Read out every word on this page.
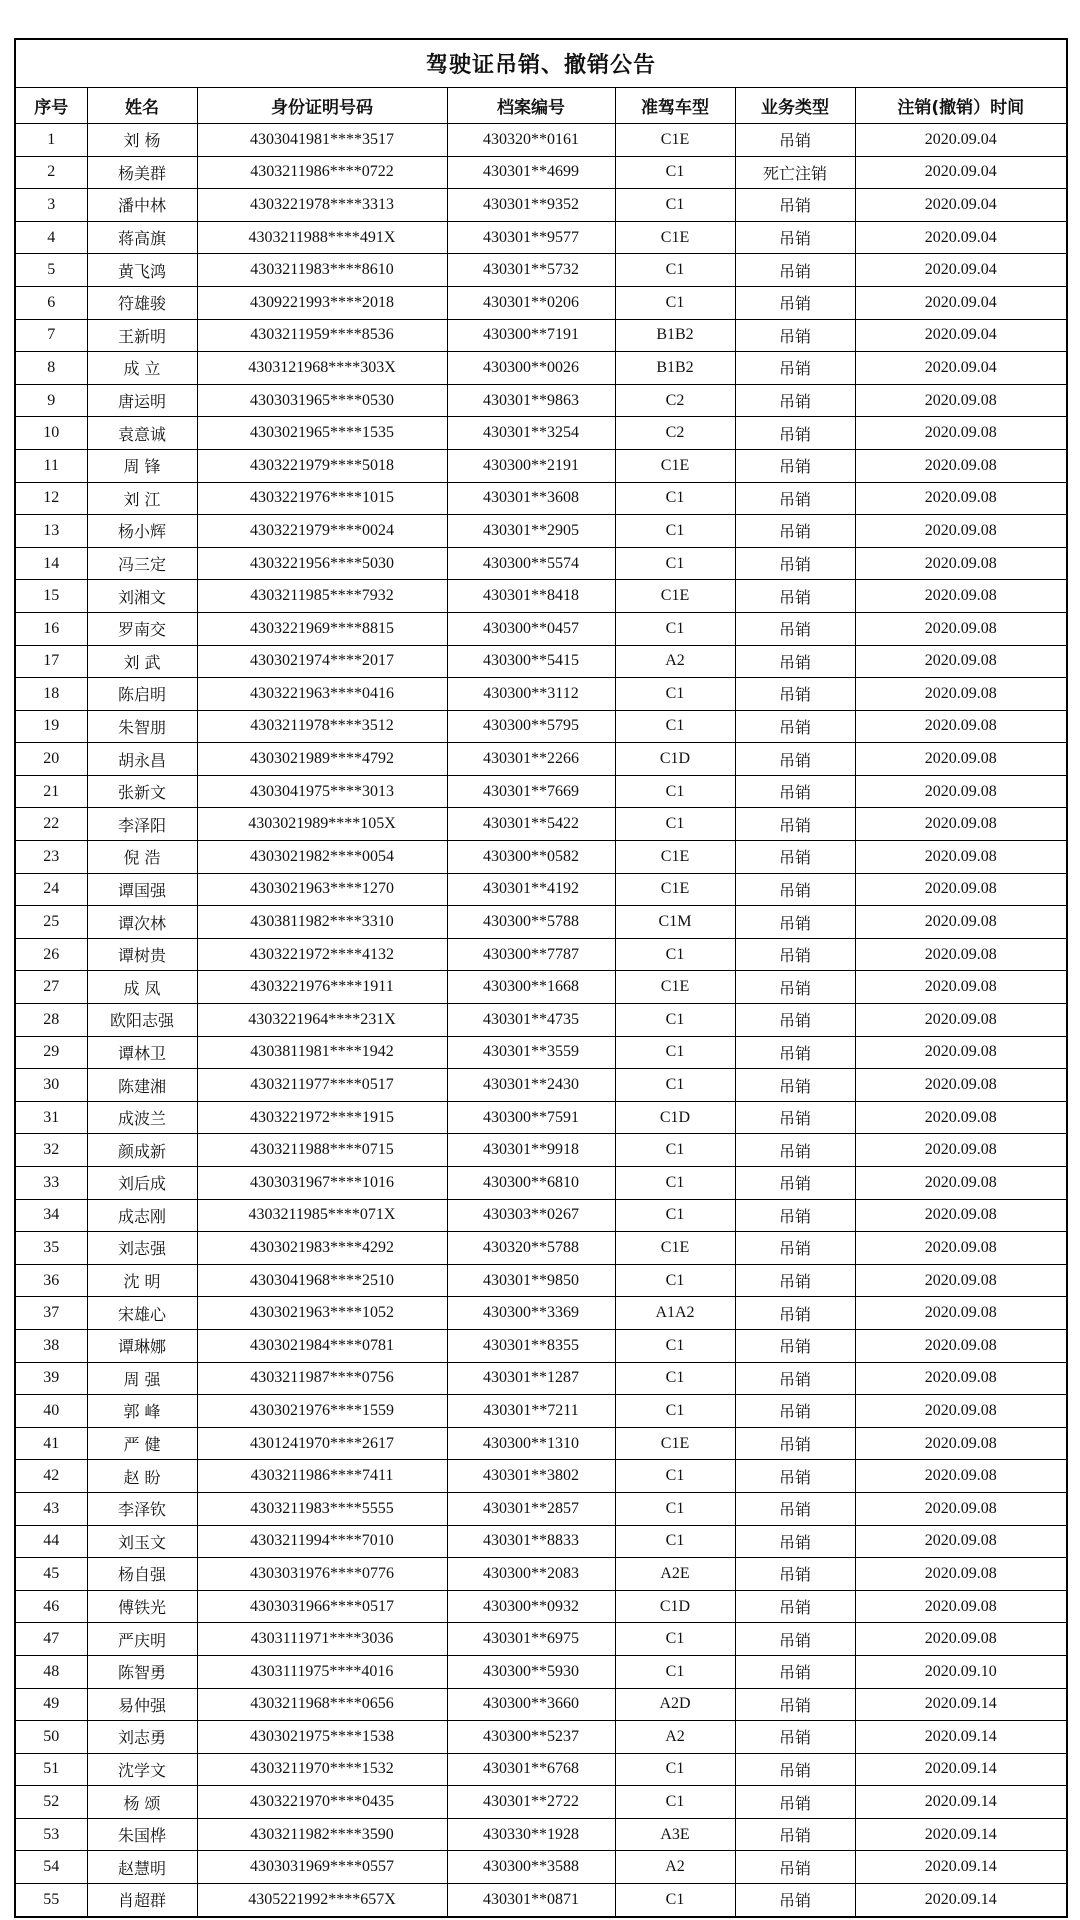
驾驶证吊销、撤销公告						
序号	姓名	身份证明号码	档案编号	准驾车型	业务类型	注销(撤销）时间
1	刘 杨	4303041981****3517	430320**0161	C1E	吊销	2020.09.04
2	杨美群	4303211986****0722	430301**4699	C1	死亡注销	2020.09.04
3	潘中林	4303221978****3313	430301**9352	C1	吊销	2020.09.04
4	蒋高旗	4303211988****491X	430301**9577	C1E	吊销	2020.09.04
5	黄飞鸿	4303211983****8610	430301**5732	C1	吊销	2020.09.04
6	符雄骏	4309221993****2018	430301**0206	C1	吊销	2020.09.04
7	王新明	4303211959****8536	430300**7191	B1B2	吊销	2020.09.04
8	成 立	4303121968****303X	430300**0026	B1B2	吊销	2020.09.04
9	唐运明	4303031965****0530	430301**9863	C2	吊销	2020.09.08
10	袁意诚	4303021965****1535	430301**3254	C2	吊销	2020.09.08
11	周 锋	4303221979****5018	430300**2191	C1E	吊销	2020.09.08
12	刘 江	4303221976****1015	430301**3608	C1	吊销	2020.09.08
13	杨小辉	4303221979****0024	430301**2905	C1	吊销	2020.09.08
14	冯三定	4303221956****5030	430300**5574	C1	吊销	2020.09.08
15	刘湘文	4303211985****7932	430301**8418	C1E	吊销	2020.09.08
16	罗南交	4303221969****8815	430300**0457	C1	吊销	2020.09.08
17	刘 武	4303021974****2017	430300**5415	A2	吊销	2020.09.08
18	陈启明	4303221963****0416	430300**3112	C1	吊销	2020.09.08
19	朱智朋	4303211978****3512	430300**5795	C1	吊销	2020.09.08
20	胡永昌	4303021989****4792	430301**2266	C1D	吊销	2020.09.08
21	张新文	4303041975****3013	430301**7669	C1	吊销	2020.09.08
22	李泽阳	4303021989****105X	430301**5422	C1	吊销	2020.09.08
23	倪 浩	4303021982****0054	430300**0582	C1E	吊销	2020.09.08
24	谭国强	4303021963****1270	430301**4192	C1E	吊销	2020.09.08
25	谭次林	4303811982****3310	430300**5788	C1M	吊销	2020.09.08
26	谭树贵	4303221972****4132	430300**7787	C1	吊销	2020.09.08
27	成 凤	4303221976****1911	430300**1668	C1E	吊销	2020.09.08
28	欧阳志强	4303221964****231X	430301**4735	C1	吊销	2020.09.08
29	谭林卫	4303811981****1942	430301**3559	C1	吊销	2020.09.08
30	陈建湘	4303211977****0517	430301**2430	C1	吊销	2020.09.08
31	成波兰	4303221972****1915	430300**7591	C1D	吊销	2020.09.08
32	颜成新	4303211988****0715	430301**9918	C1	吊销	2020.09.08
33	刘后成	4303031967****1016	430300**6810	C1	吊销	2020.09.08
34	成志刚	4303211985****071X	430303**0267	C1	吊销	2020.09.08
35	刘志强	4303021983****4292	430320**5788	C1E	吊销	2020.09.08
36	沈 明	4303041968****2510	430301**9850	C1	吊销	2020.09.08
37	宋雄心	4303021963****1052	430300**3369	A1A2	吊销	2020.09.08
38	谭琳娜	4303021984****0781	430301**8355	C1	吊销	2020.09.08
39	周 强	4303211987****0756	430301**1287	C1	吊销	2020.09.08
40	郭 峰	4303021976****1559	430301**7211	C1	吊销	2020.09.08
41	严 健	4301241970****2617	430300**1310	C1E	吊销	2020.09.08
42	赵 盼	4303211986****7411	430301**3802	C1	吊销	2020.09.08
43	李泽钦	4303211983****5555	430301**2857	C1	吊销	2020.09.08
44	刘玉文	4303211994****7010	430301**8833	C1	吊销	2020.09.08
45	杨自强	4303031976****0776	430300**2083	A2E	吊销	2020.09.08
46	傅铁光	4303031966****0517	430300**0932	C1D	吊销	2020.09.08
47	严庆明	4303111971****3036	430301**6975	C1	吊销	2020.09.08
48	陈智勇	4303111975****4016	430300**5930	C1	吊销	2020.09.10
49	易仲强	4303211968****0656	430300**3660	A2D	吊销	2020.09.14
50	刘志勇	4303021975****1538	430300**5237	A2	吊销	2020.09.14
51	沈学文	4303211970****1532	430301**6768	C1	吊销	2020.09.14
52	杨 颂	4303221970****0435	430301**2722	C1	吊销	2020.09.14
53	朱国桦	4303211982****3590	430330**1928	A3E	吊销	2020.09.14
54	赵慧明	4303031969****0557	430300**3588	A2	吊销	2020.09.14
55	肖超群	4305221992****657X	430301**0871	C1	吊销	2020.09.14
